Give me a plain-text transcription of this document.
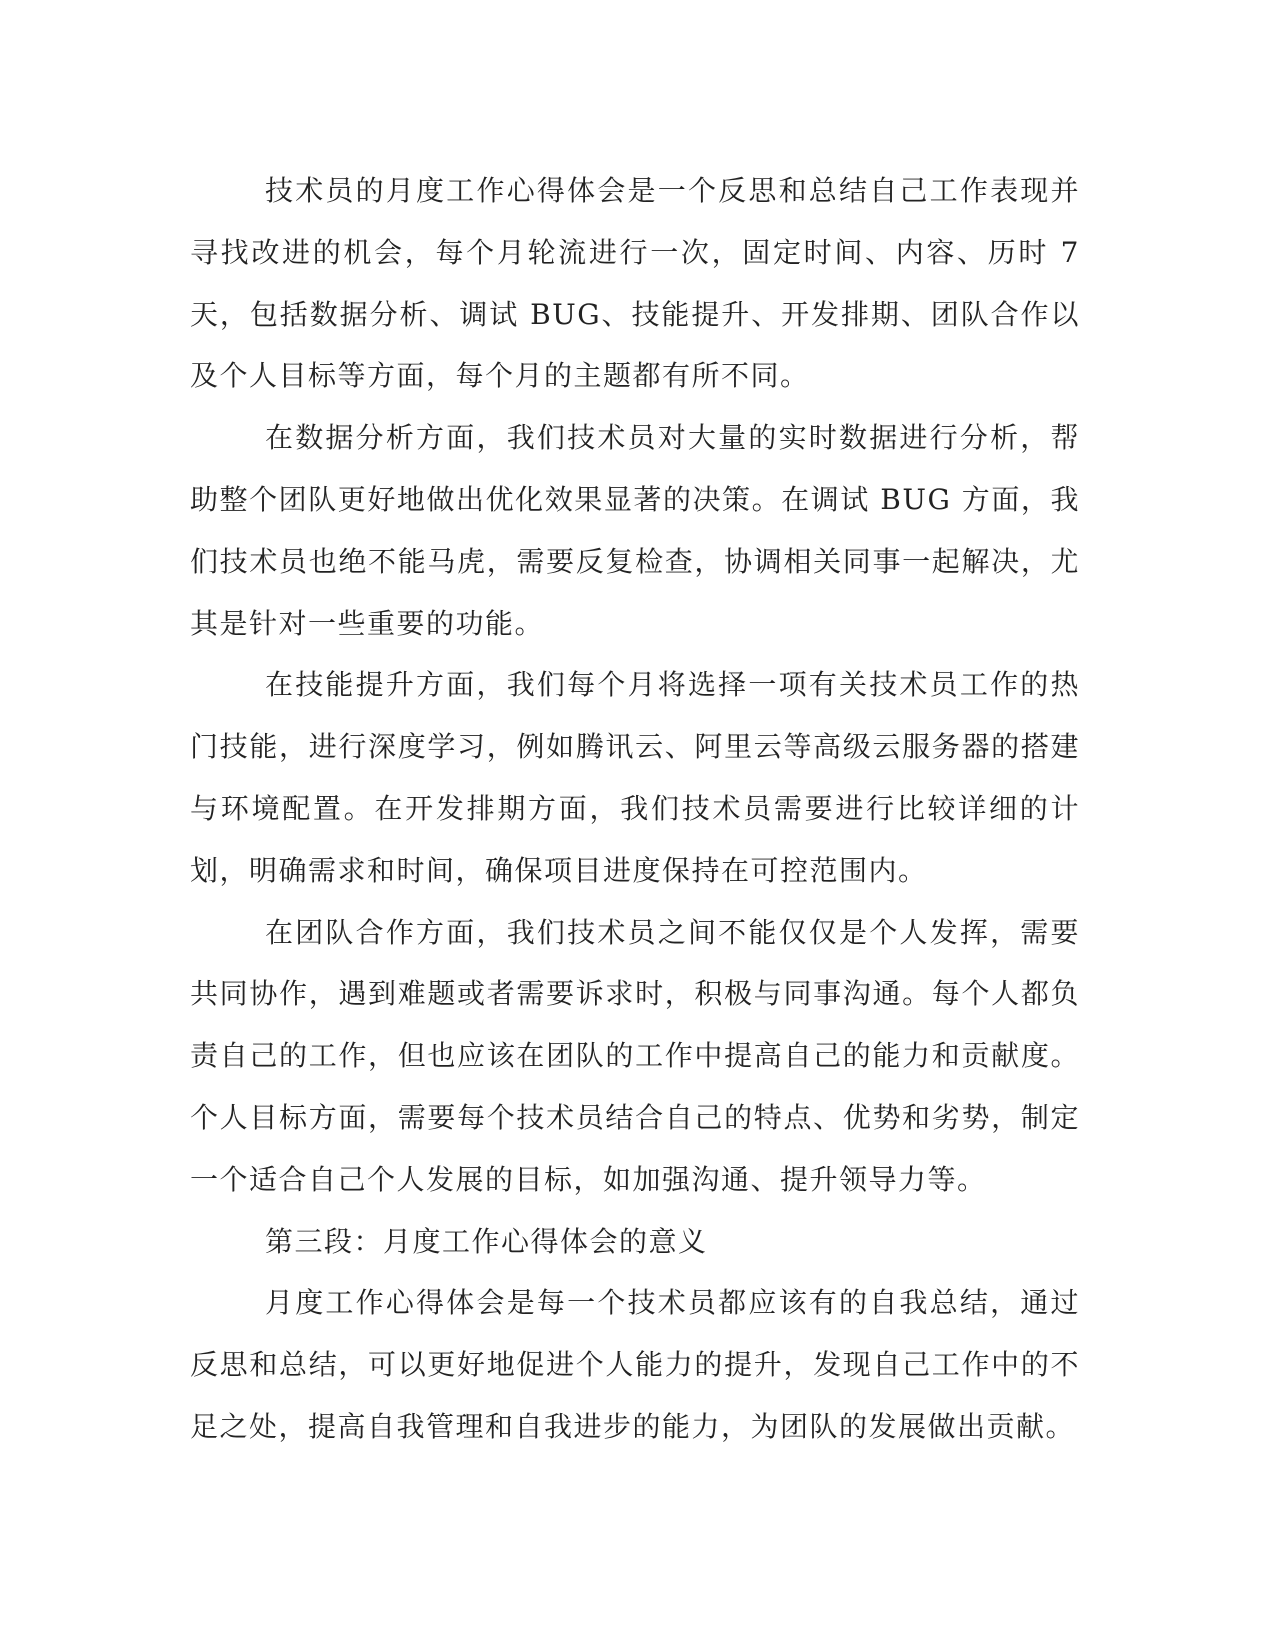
技术员的月度工作心得体会是一个反思和总结自己工作表现并寻找改进的机会，每个月轮流进行一次，固定时间、内容、历时 7 天，包括数据分析、调试 BUG、技能提升、开发排期、团队合作以及个人目标等方面，每个月的主题都有所不同。

在数据分析方面，我们技术员对大量的实时数据进行分析，帮助整个团队更好地做出优化效果显著的决策。在调试 BUG 方面，我们技术员也绝不能马虎，需要反复检查，协调相关同事一起解决，尤其是针对一些重要的功能。

在技能提升方面，我们每个月将选择一项有关技术员工作的热门技能，进行深度学习，例如腾讯云、阿里云等高级云服务器的搭建与环境配置。在开发排期方面，我们技术员需要进行比较详细的计划，明确需求和时间，确保项目进度保持在可控范围内。

在团队合作方面，我们技术员之间不能仅仅是个人发挥，需要共同协作，遇到难题或者需要诉求时，积极与同事沟通。每个人都负责自己的工作，但也应该在团队的工作中提高自己的能力和贡献度。个人目标方面，需要每个技术员结合自己的特点、优势和劣势，制定一个适合自己个人发展的目标，如加强沟通、提升领导力等。

第三段：月度工作心得体会的意义

月度工作心得体会是每一个技术员都应该有的自我总结，通过反思和总结，可以更好地促进个人能力的提升，发现自己工作中的不足之处，提高自我管理和自我进步的能力，为团队的发展做出贡献。
